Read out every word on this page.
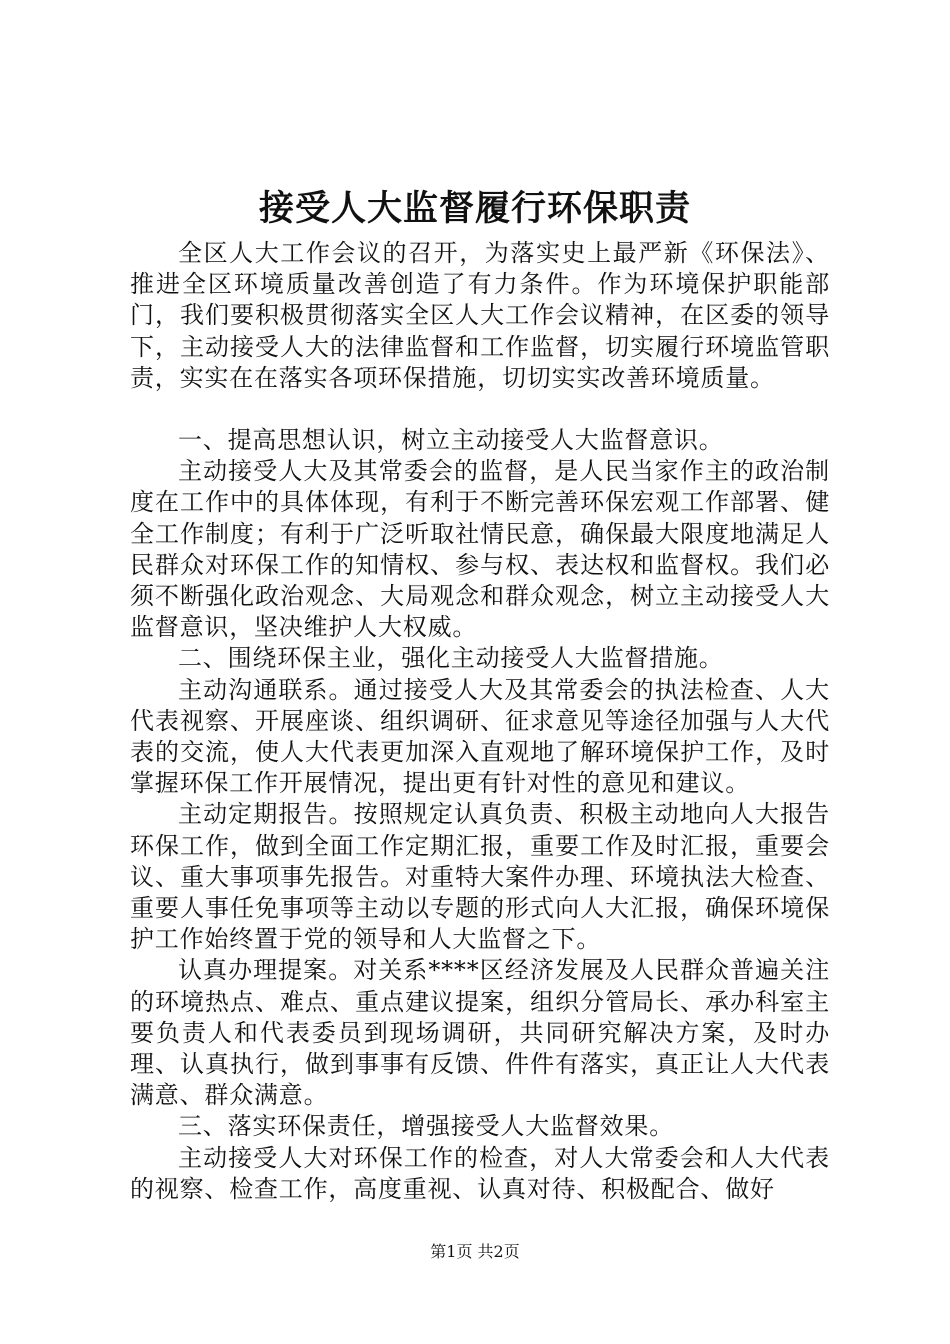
接受人大监督履行环保职责

全区人大工作会议的召开，为落实史上最严新《环保法》、推进全区环境质量改善创造了有力条件。作为环境保护职能部门，我们要积极贯彻落实全区人大工作会议精神，在区委的领导下，主动接受人大的法律监督和工作监督，切实履行环境监管职责，实实在在落实各项环保措施，切切实实改善环境质量。

一、提高思想认识，树立主动接受人大监督意识。

主动接受人大及其常委会的监督，是人民当家作主的政治制度在工作中的具体体现，有利于不断完善环保宏观工作部署、健全工作制度；有利于广泛听取社情民意，确保最大限度地满足人民群众对环保工作的知情权、参与权、表达权和监督权。我们必须不断强化政治观念、大局观念和群众观念，树立主动接受人大监督意识，坚决维护人大权威。

二、围绕环保主业，强化主动接受人大监督措施。

主动沟通联系。通过接受人大及其常委会的执法检查、人大代表视察、开展座谈、组织调研、征求意见等途径加强与人大代表的交流，使人大代表更加深入直观地了解环境保护工作，及时掌握环保工作开展情况，提出更有针对性的意见和建议。

主动定期报告。按照规定认真负责、积极主动地向人大报告环保工作，做到全面工作定期汇报，重要工作及时汇报，重要会议、重大事项事先报告。对重特大案件办理、环境执法大检查、重要人事任免事项等主动以专题的形式向人大汇报，确保环境保护工作始终置于党的领导和人大监督之下。

认真办理提案。对关系****区经济发展及人民群众普遍关注的环境热点、难点、重点建议提案，组织分管局长、承办科室主要负责人和代表委员到现场调研，共同研究解决方案，及时办理、认真执行，做到事事有反馈、件件有落实，真正让人大代表满意、群众满意。

三、落实环保责任，增强接受人大监督效果。

主动接受人大对环保工作的检查，对人大常委会和人大代表的视察、检查工作，高度重视、认真对待、积极配合、做好

第1页 共2页
